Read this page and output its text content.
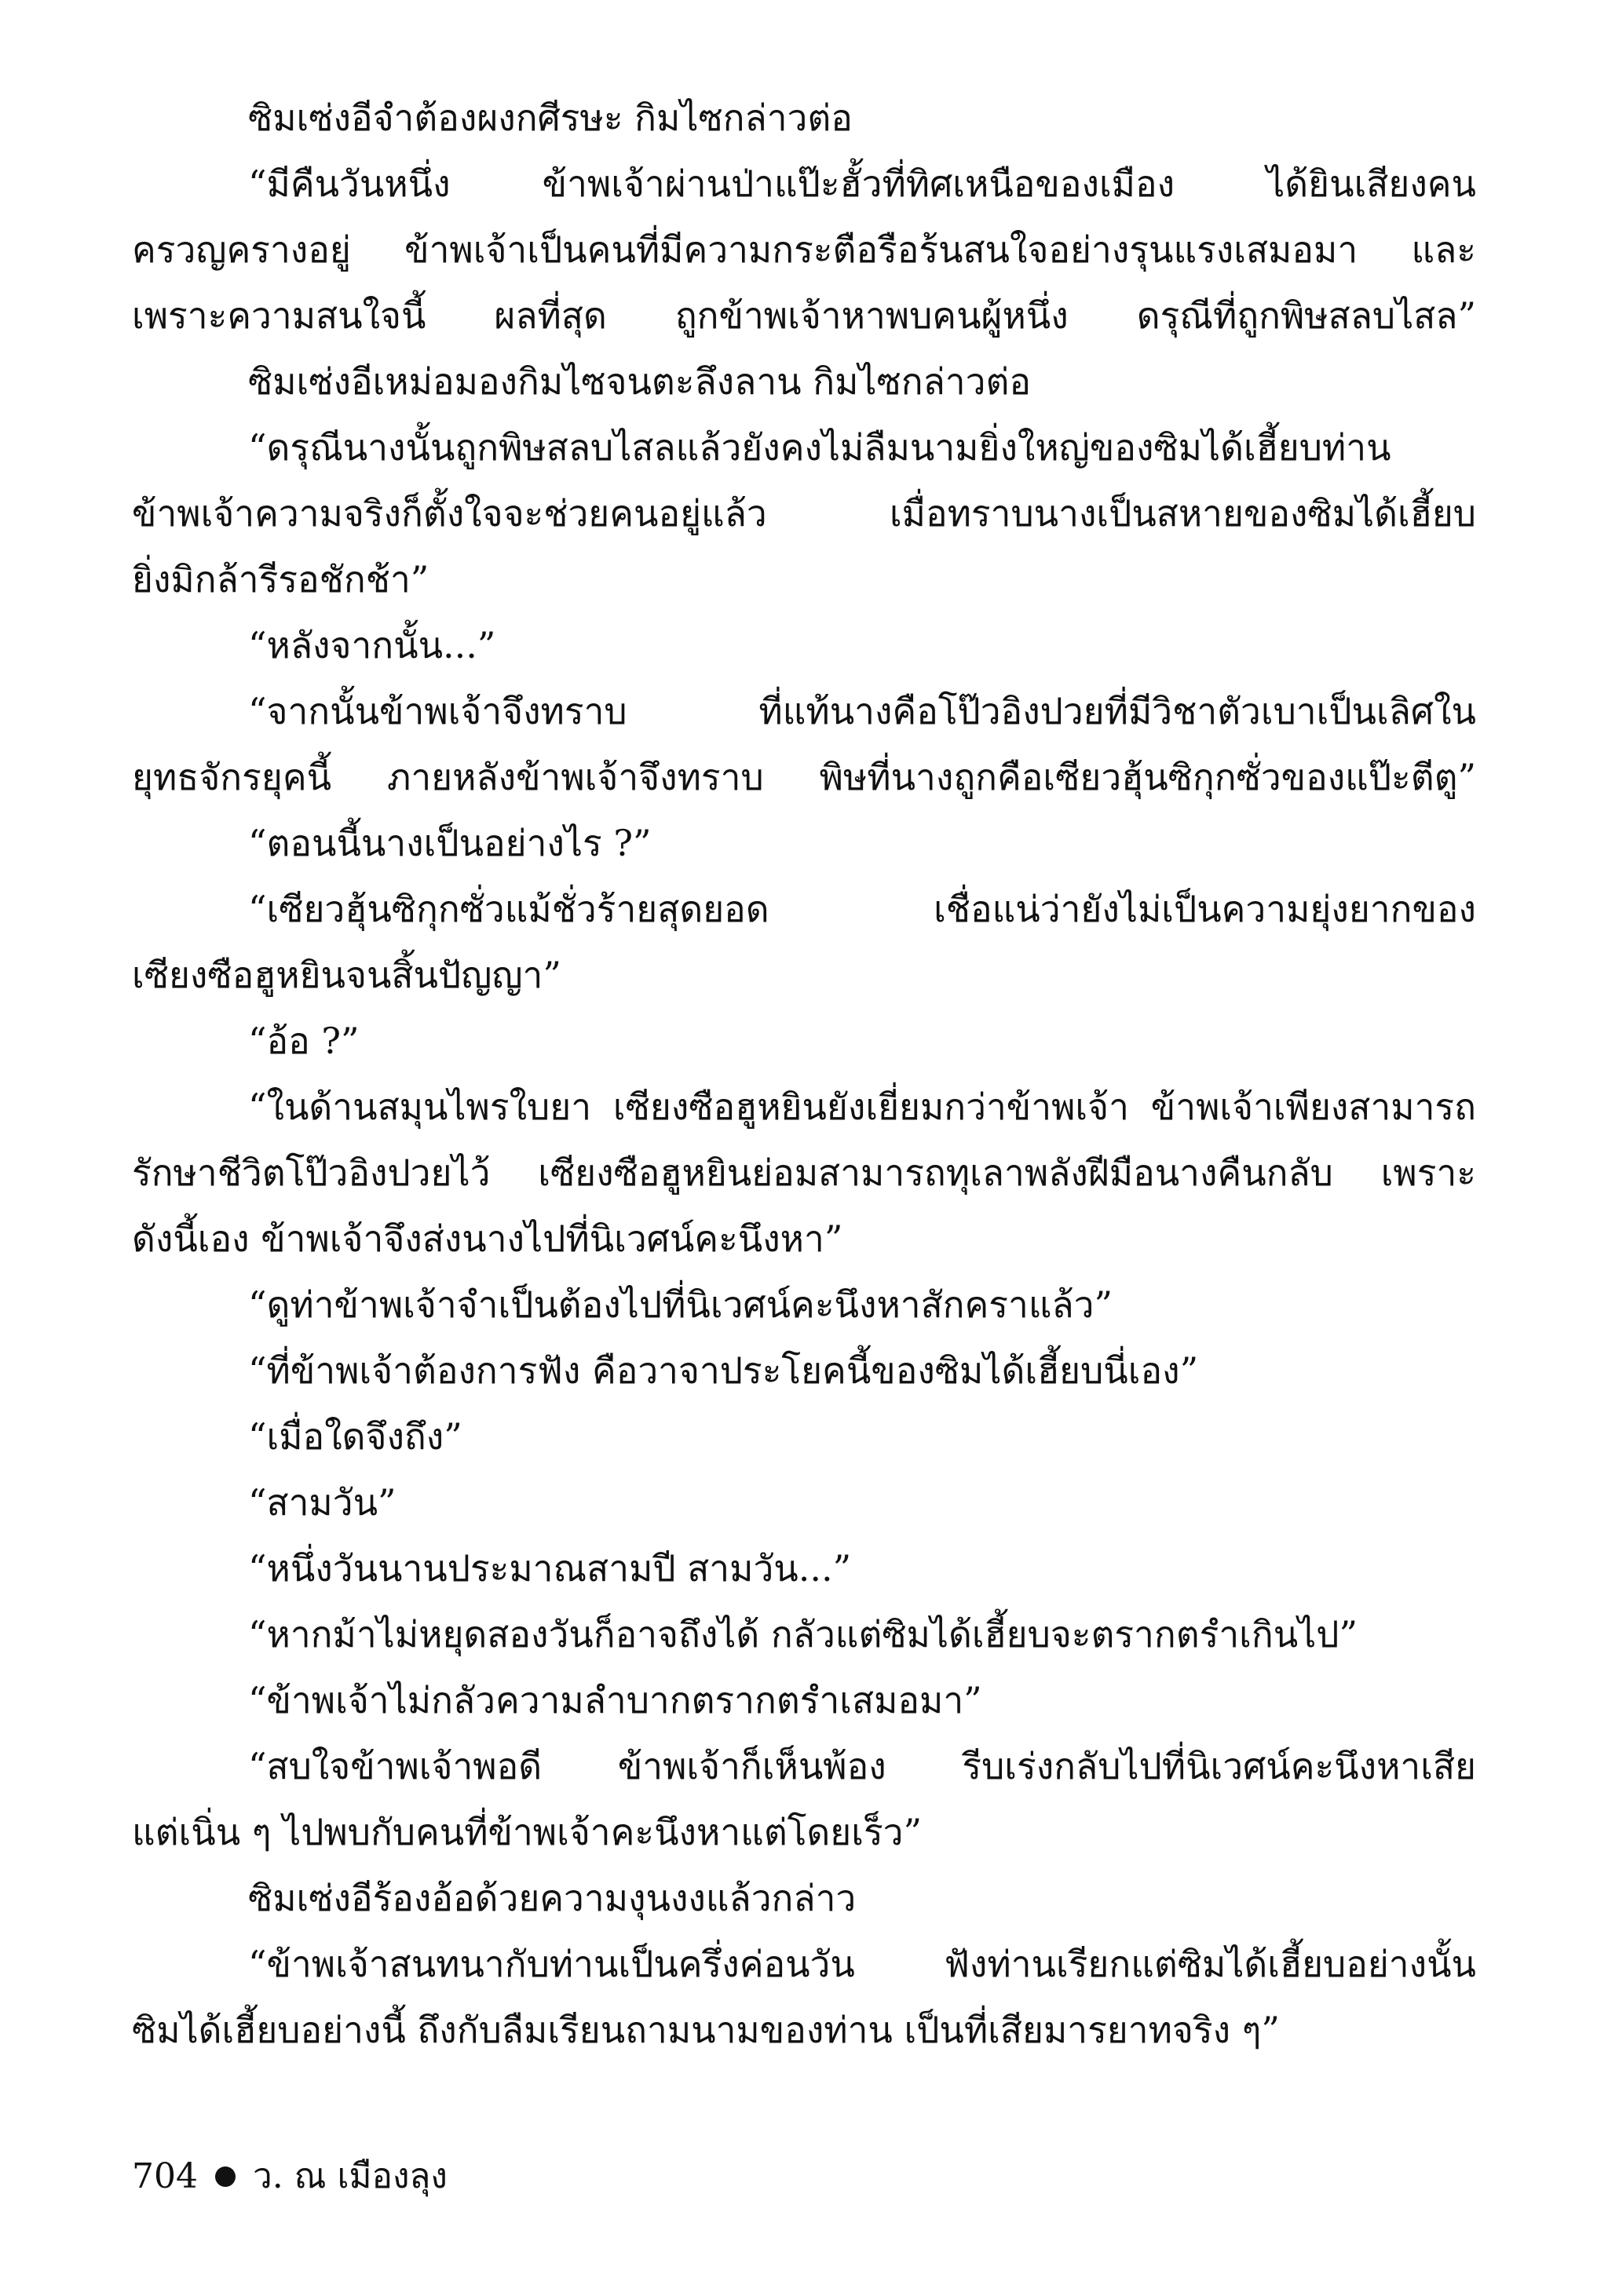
ซิมเซ่งอีจำต้องผงกศีรษะ กิมไซกล่าวต่อ
“มีคืนวันหนึ่ง ข้าพเจ้าผ่านป่าแป๊ะฮั้วที่ทิศเหนือของเมือง ได้ยินเสียงคน
ครวญครางอยู่ ข้าพเจ้าเป็นคนที่มีความกระตือรือร้นสนใจอย่างรุนแรงเสมอมา และ
เพราะความสนใจนี้ ผลที่สุด ถูกข้าพเจ้าหาพบคนผู้หนึ่ง ดรุณีที่ถูกพิษสลบไสล”
ซิมเซ่งอีเหม่อมองกิมไซจนตะลึงลาน กิมไซกล่าวต่อ
“ดรุณีนางนั้นถูกพิษสลบไสลแล้วยังคงไม่ลืมนามยิ่งใหญ่ของซิมได้เฮี้ยบท่าน
ข้าพเจ้าความจริงก็ตั้งใจจะช่วยคนอยู่แล้ว เมื่อทราบนางเป็นสหายของซิมได้เฮี้ยบ
ยิ่งมิกล้ารีรอชักช้า”
“หลังจากนั้น...”
“จากนั้นข้าพเจ้าจึงทราบ ที่แท้นางคือโป๊วอิงปวยที่มีวิชาตัวเบาเป็นเลิศใน
ยุทธจักรยุคนี้ ภายหลังข้าพเจ้าจึงทราบ พิษที่นางถูกคือเซียวฮุ้นซิกุกซั่วของแป๊ะตีตู”
“ตอนนี้นางเป็นอย่างไร ?”
“เซียวฮุ้นซิกุกซั่วแม้ชั่วร้ายสุดยอด เชื่อแน่ว่ายังไม่เป็นความยุ่งยากของ
เซียงซือฮูหยินจนสิ้นปัญญา”
“อ้อ ?”
“ในด้านสมุนไพรใบยา เซียงซือฮูหยินยังเยี่ยมกว่าข้าพเจ้า ข้าพเจ้าเพียงสามารถ
รักษาชีวิตโป๊วอิงปวยไว้ เซียงซือฮูหยินย่อมสามารถทุเลาพลังฝีมือนางคืนกลับ เพราะ
ดังนี้เอง ข้าพเจ้าจึงส่งนางไปที่นิเวศน์คะนึงหา”
“ดูท่าข้าพเจ้าจำเป็นต้องไปที่นิเวศน์คะนึงหาสักคราแล้ว”
“ที่ข้าพเจ้าต้องการฟัง คือวาจาประโยคนี้ของซิมได้เฮี้ยบนี่เอง”
“เมื่อใดจึงถึง”
“สามวัน”
“หนึ่งวันนานประมาณสามปี สามวัน...”
“หากม้าไม่หยุดสองวันก็อาจถึงได้ กลัวแต่ซิมได้เฮี้ยบจะตรากตรำเกินไป”
“ข้าพเจ้าไม่กลัวความลำบากตรากตรำเสมอมา”
“สบใจข้าพเจ้าพอดี ข้าพเจ้าก็เห็นพ้อง รีบเร่งกลับไปที่นิเวศน์คะนึงหาเสีย
แต่เนิ่น ๆ ไปพบกับคนที่ข้าพเจ้าคะนึงหาแต่โดยเร็ว”
ซิมเซ่งอีร้องอ้อด้วยความงุนงงแล้วกล่าว
“ข้าพเจ้าสนทนากับท่านเป็นครึ่งค่อนวัน ฟังท่านเรียกแต่ซิมได้เฮี้ยบอย่างนั้น
ซิมได้เฮี้ยบอย่างนี้ ถึงกับลืมเรียนถามนามของท่าน เป็นที่เสียมารยาทจริง ๆ”
704 ว. ณ เมืองลุง
